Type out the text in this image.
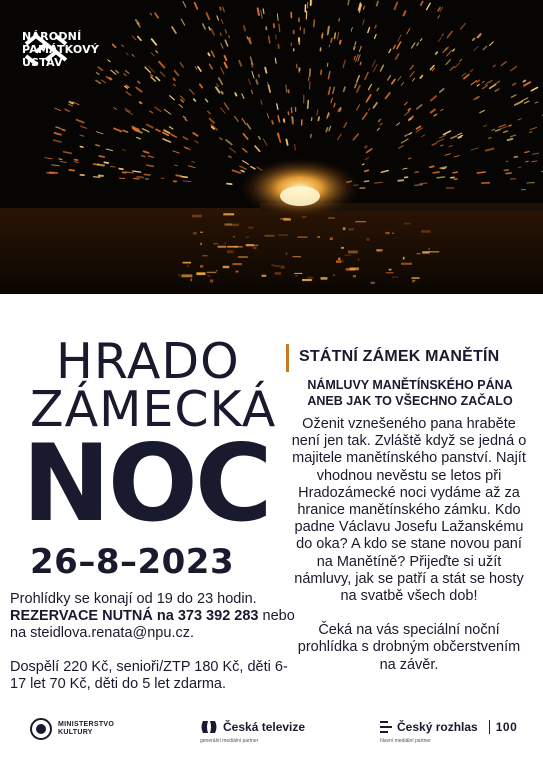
NÁRODNÍ
PAMÁTKOVÝ
ÚSTAV
HRADO
ZÁMECKÁ
NOC
26–8–2023

Prohlídky se konají od 19 do 23 hodin.
REZERVACE NUTNÁ na 373 392 283 nebo na steidlova.renata@npu.cz.

Dospělí 220 Kč, senioři/ZTP 180 Kč, děti 6-17 let 70 Kč, děti do 5 let zdarma.

STÁTNÍ ZÁMEK MANĚTÍN
NÁMLUVY MANĚTÍNSKÉHO PÁNA
ANEB JAK TO VŠECHNO ZAČALO

Oženit vznešeného pana hraběte není jen tak. Zvláště když se jedná o majitele manětínského panství. Najít vhodnou nevěstu se letos při Hradozámecké noci vydáme až za hranice manětínského zámku. Kdo padne Václavu Josefu Lažanskému do oka? A kdo se stane novou paní na Manětíně? Přijeďte si užít námluvy, jak se patří a stát se hosty na svatbě všech dob!

Čeká na vás speciální noční prohlídka s drobným občerstvením na závěr.

MINISTERSTVO
KULTURY	Česká televize
generální mediální partner
Český rozhlas	100
hlavní mediální partner
